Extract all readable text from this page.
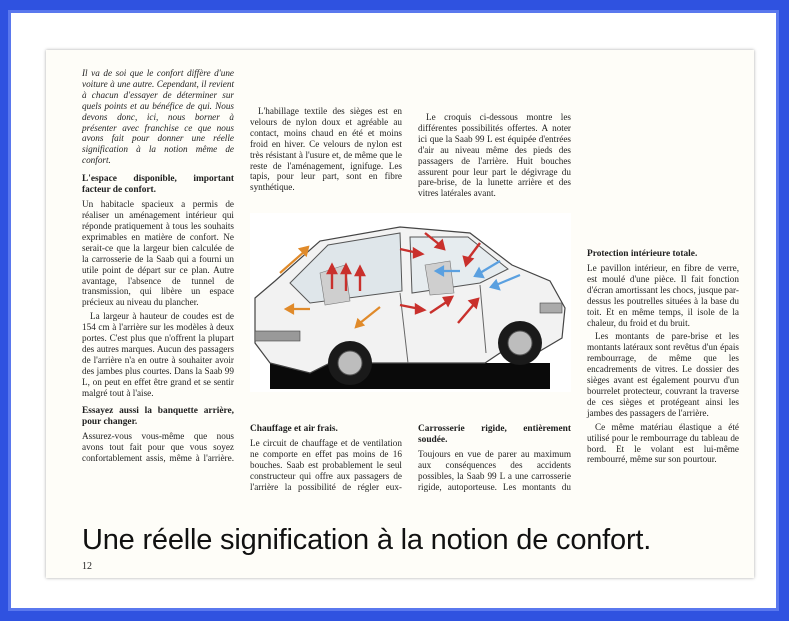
Il va de soi que le confort diffère d'une voiture à une autre. Cependant, il revient à chacun d'essayer de déterminer sur quels points et au bénéfice de qui. Nous devons donc, ici, nous borner à présenter avec franchise ce que nous avons fait pour donner une réelle signification à la notion même de confort.

L'espace disponible, important facteur de confort.

Un habitacle spacieux a permis de réaliser un aménagement intérieur qui réponde pratiquement à tous les souhaits exprimables en matière de confort. Ne serait-ce que la largeur bien calculée de la carrosserie de la Saab qui a fourni un utile point de départ sur ce plan. Autre avantage, l'absence de tunnel de transmission, qui libère un espace précieux au niveau du plancher.

La largeur à hauteur de coudes est de 154 cm à l'arrière sur les modèles à deux portes. C'est plus que n'offrent la plupart des autres marques. Aucun des passagers de l'arrière n'a en outre à souhaiter avoir des jambes plus courtes. Dans la Saab 99 L, on peut en effet être grand et se sentir malgré tout à l'aise.

Essayez aussi la banquette arrière, pour changer.

Assurez-vous vous-même que nous avons tout fait pour que vous soyez confortablement assis, même à l'arrière.

L'habillage textile des sièges est en velours de nylon doux et agréable au contact, moins chaud en été et moins froid en hiver. Ce velours de nylon est très résistant à l'usure et, de même que le reste de l'aménagement, ignifuge. Les tapis, pour leur part, sont en fibre synthétique.

Chauffage et air frais.

Le circuit de chauffage et de ventilation ne comporte en effet pas moins de 16 bouches. Saab est probablement le seul constructeur qui offre aux passagers de l'arrière la possibilité de régler eux-

Le croquis ci-dessous montre les différentes possibilités offertes. A noter ici que la Saab 99 L est équipée d'entrées d'air au niveau même des pieds des passagers de l'arrière. Huit bouches assurent pour leur part le dégivrage du pare-brise, de la lunette arrière et des vitres latérales avant.

Carrosserie rigide, entièrement soudée.

Toujours en vue de parer au maximum aux conséquences des accidents possibles, la Saab 99 L a une carrosserie rigide, autoporteuse. Les montants du

Protection intérieure totale.

Le pavillon intérieur, en fibre de verre, est moulé d'une pièce. Il fait fonction d'écran amortissant les chocs, jusque par-dessus les poutrelles situées à la base du toit. Et en même temps, il isole de la chaleur, du froid et du bruit.

Les montants de pare-brise et les montants latéraux sont revêtus d'un épais rembourrage, de même que les encadrements de vitres. Le dossier des sièges avant est également pourvu d'un bourrelet protecteur, couvrant la traverse de ces sièges et protégeant ainsi les jambes des passagers de l'arrière.

Ce même matériau élastique a été utilisé pour le rembourrage du tableau de bord. Et le volant est lui-même rembourré, même sur son pourtour.

Une réelle signification à la notion de confort.
12
